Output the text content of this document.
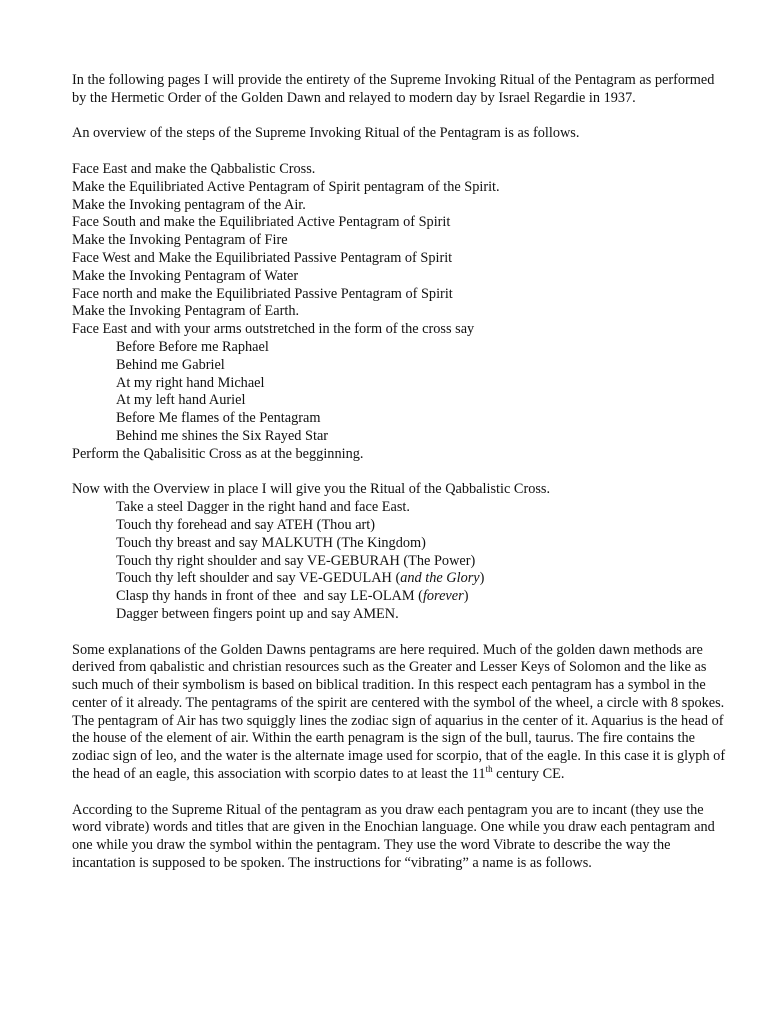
In the following pages I will provide the entirety of the Supreme Invoking Ritual of the Pentagram as performed by the Hermetic Order of the Golden Dawn and relayed to modern day by Israel Regardie in 1937.

An overview of the steps of the Supreme Invoking Ritual of the Pentagram is as follows.

Face East and make the Qabbalistic Cross.
Make the Equilibriated Active Pentagram of Spirit pentagram of the Spirit.
Make the Invoking pentagram of the Air.
Face South and make the Equilibriated Active Pentagram of Spirit
Make the Invoking Pentagram of Fire
Face West and Make the Equilibriated Passive Pentagram of Spirit
Make the Invoking Pentagram of Water
Face north and make the Equilibriated Passive Pentagram of Spirit
Make the Invoking Pentagram of Earth.
Face East and with your arms outstretched in the form of the cross say
Before Before me Raphael
Behind me Gabriel
At my right hand Michael
At my left hand Auriel
Before Me flames of the Pentagram
Behind me shines the Six Rayed Star
Perform the Qabalisitic Cross as at the begginning.
Now with the Overview in place I will give you the Ritual of the Qabbalistic Cross.
Take a steel Dagger in the right hand and face East.
Touch thy forehead and say ATEH (Thou art)
Touch thy breast and say MALKUTH (The Kingdom)
Touch thy right shoulder and say VE-GEBURAH (The Power)
Touch thy left shoulder and say VE-GEDULAH (and the Glory)
Clasp thy hands in front of thee  and say LE-OLAM (forever)
Dagger between fingers point up and say AMEN.

Some explanations of the Golden Dawns pentagrams are here required. Much of the golden dawn methods are derived from qabalistic and christian resources such as the Greater and Lesser Keys of Solomon and the like as such much of their symbolism is based on biblical tradition. In this respect each pentagram has a symbol in the center of it already. The pentagrams of the spirit are centered with the symbol of the wheel, a circle with 8 spokes. The pentagram of Air has two squiggly lines the zodiac sign of aquarius in the center of it. Aquarius is the head of the house of the element of air. Within the earth penagram is the sign of the bull, taurus. The fire contains the zodiac sign of leo, and the water is the alternate image used for scorpio, that of the eagle. In this case it is glyph of the head of an eagle, this association with scorpio dates to at least the 11th century CE.

According to the Supreme Ritual of the pentagram as you draw each pentagram you are to incant (they use the word vibrate) words and titles that are given in the Enochian language. One while you draw each pentagram and one while you draw the symbol within the pentagram. They use the word Vibrate to describe the way the incantation is supposed to be spoken. The instructions for “vibrating” a name is as follows.
